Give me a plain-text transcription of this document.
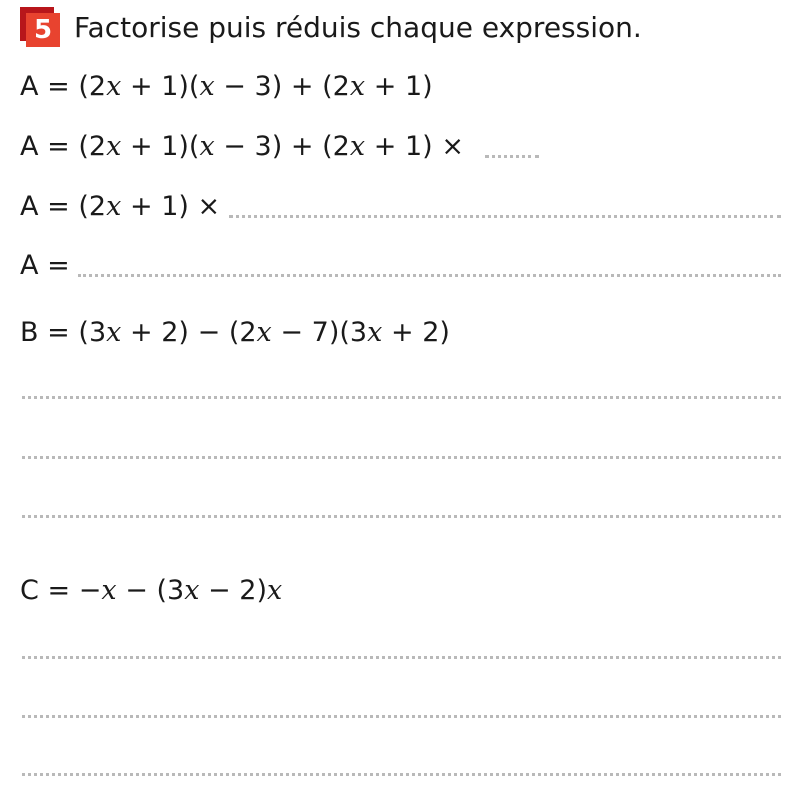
5 Factorise puis réduis chaque expression.
A = (2 x + 1)( x − 3) + (2 x + 1)
A = (2 x + 1)( x − 3) + (2 x + 1) ×
A = (2 x + 1) ×
A =
B = (3 x + 2) − (2 x − 7)(3 x + 2)
C = − x − (3 x − 2) x
